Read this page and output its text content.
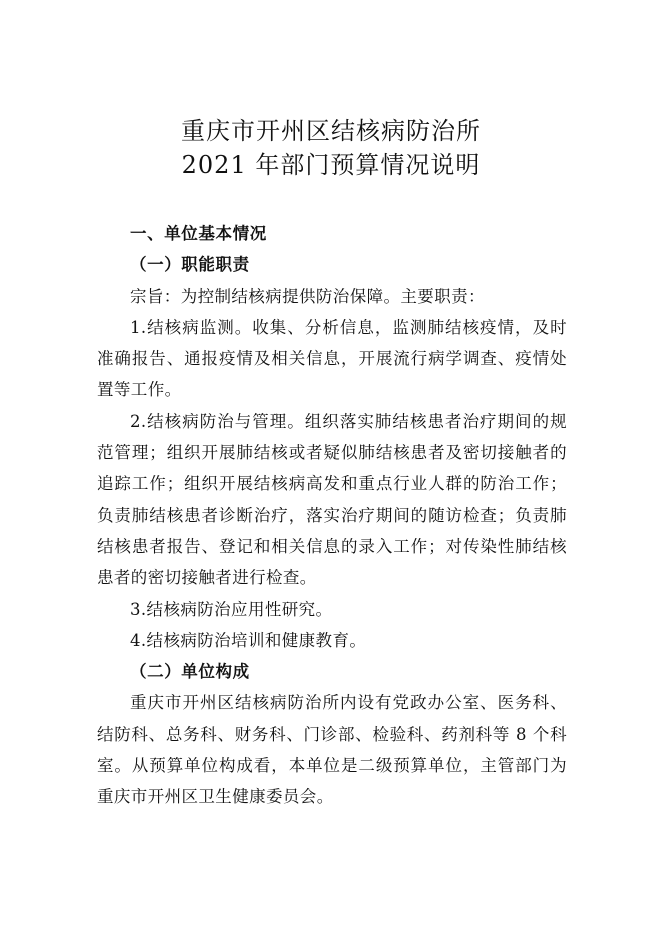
重庆市开州区结核病防治所
2021 年部门预算情况说明

一、单位基本情况

（一）职能职责

宗旨：为控制结核病提供防治保障。主要职责：

1.结核病监测。收集、分析信息，监测肺结核疫情，及时准确报告、通报疫情及相关信息，开展流行病学调查、疫情处置等工作。

2.结核病防治与管理。组织落实肺结核患者治疗期间的规范管理；组织开展肺结核或者疑似肺结核患者及密切接触者的追踪工作；组织开展结核病高发和重点行业人群的防治工作；负责肺结核患者诊断治疗，落实治疗期间的随访检查；负责肺结核患者报告、登记和相关信息的录入工作；对传染性肺结核患者的密切接触者进行检查。

3.结核病防治应用性研究。

4.结核病防治培训和健康教育。

（二）单位构成

重庆市开州区结核病防治所内设有党政办公室、医务科、结防科、总务科、财务科、门诊部、检验科、药剂科等 8 个科室。从预算单位构成看，本单位是二级预算单位，主管部门为重庆市开州区卫生健康委员会。
